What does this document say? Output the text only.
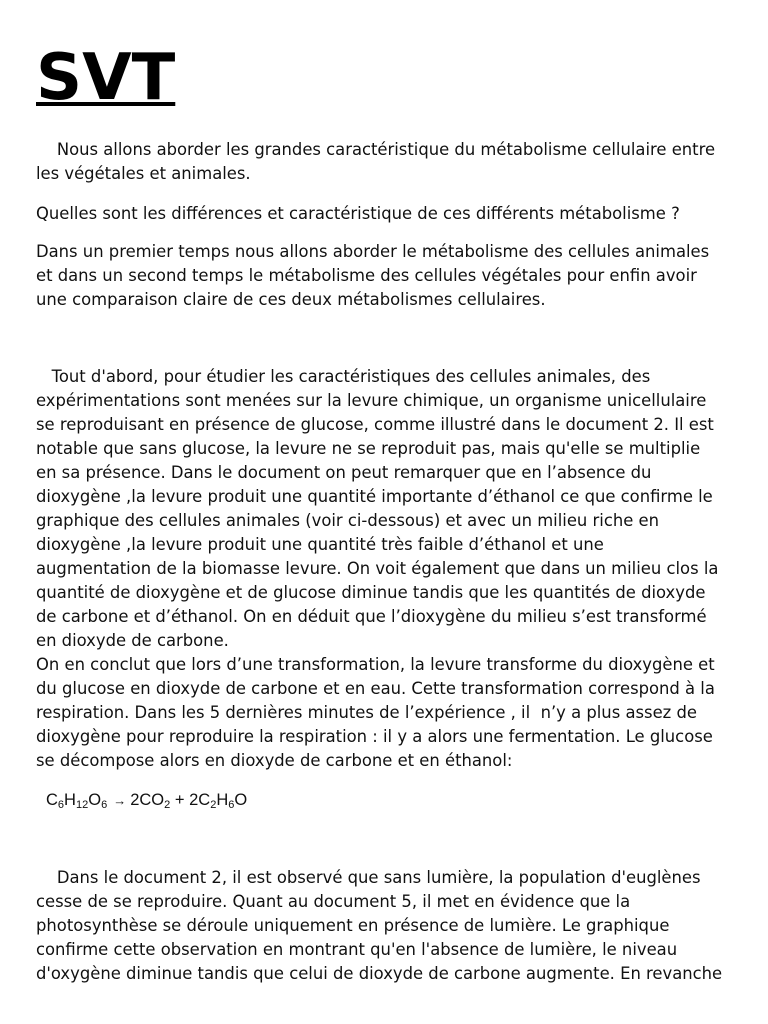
SVT

Nous allons aborder les grandes caractéristique du métabolisme cellulaire entre
les végétales et animales.

Quelles sont les différences et caractéristique de ces différents métabolisme ?

Dans un premier temps nous allons aborder le métabolisme des cellules animales
et dans un second temps le métabolisme des cellules végétales pour enfin avoir
une comparaison claire de ces deux métabolismes cellulaires.

Tout d'abord, pour étudier les caractéristiques des cellules animales, des
expérimentations sont menées sur la levure chimique, un organisme unicellulaire
se reproduisant en présence de glucose, comme illustré dans le document 2. Il est
notable que sans glucose, la levure ne se reproduit pas, mais qu'elle se multiplie
en sa présence. Dans le document on peut remarquer que en l’absence du
dioxygène ,la levure produit une quantité importante d’éthanol ce que confirme le
graphique des cellules animales (voir ci-dessous) et avec un milieu riche en
dioxygène ,la levure produit une quantité très faible d’éthanol et une
augmentation de la biomasse levure. On voit également que dans un milieu clos la
quantité de dioxygène et de glucose diminue tandis que les quantités de dioxyde
de carbone et d’éthanol. On en déduit que l’dioxygène du milieu s’est transformé
en dioxyde de carbone.
On en conclut que lors d’une transformation, la levure transforme du dioxygène et
du glucose en dioxyde de carbone et en eau. Cette transformation correspond à la
respiration. Dans les 5 dernières minutes de l’expérience , il  n’y a plus assez de
dioxygène pour reproduire la respiration : il y a alors une fermentation. Le glucose
se décompose alors en dioxyde de carbone et en éthanol:

$C_6H_{12}O_6 \to 2CO_2 + 2C_2H_6O$

Dans le document 2, il est observé que sans lumière, la population d'euglènes
cesse de se reproduire. Quant au document 5, il met en évidence que la
photosynthèse se déroule uniquement en présence de lumière. Le graphique
confirme cette observation en montrant qu'en l'absence de lumière, le niveau
d'oxygène diminue tandis que celui de dioxyde de carbone augmente. En revanche
